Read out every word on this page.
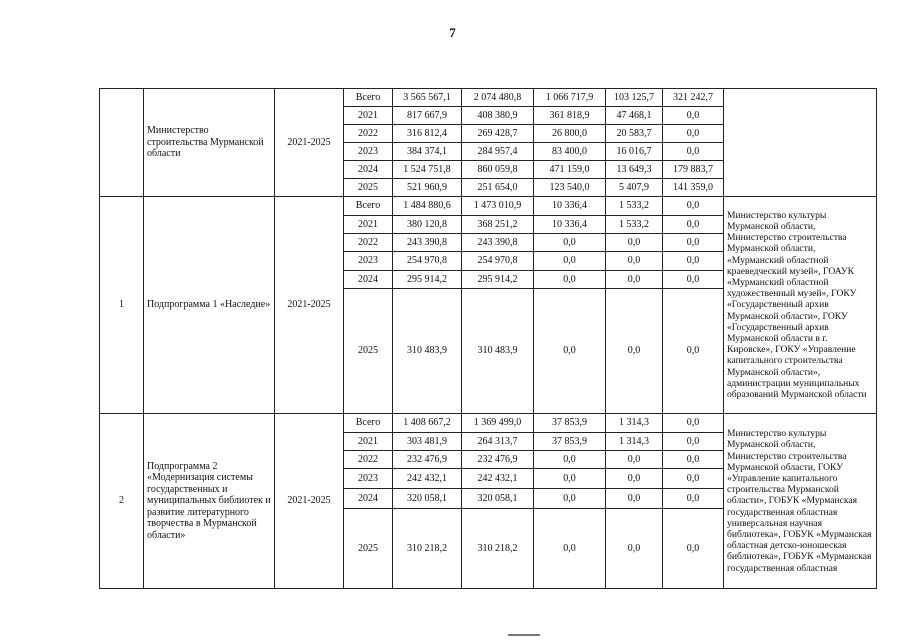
7
	Министерство строительства Мурманской области	2021-2025	Всего	3 565 567,1	2 074 480,8	1 066 717,9	103 125,7	321 242,7	
			2021	817 667,9	408 380,9	361 818,9	47 468,1	0,0	
			2022	316 812,4	269 428,7	26 800,0	20 583,7	0,0	
			2023	384 374,1	284 957,4	83 400,0	16 016,7	0,0	
			2024	1 524 751,8	860 059,8	471 159,0	13 649,3	179 883,7	
			2025	521 960,9	251 654,0	123 540,0	5 407,9	141 359,0	
1	Подпрограмма 1 «Наследие»	2021-2025	Всего	1 484 880,6	1 473 010,9	10 336,4	1 533,2	0,0	Министерство культуры Мурманской области, Министерство строительства Мурманской области, «Мурманский областной краеведческий музей», ГОАУК «Мурманский областной художественный музей», ГОКУ «Государственный архив Мурманской области», ГОКУ «Государственный архив Мурманской области в г. Кировске», ГОКУ «Управление капитального строительства Мурманской области», администрации муниципальных образований Мурманской области
			2021	380 120,8	368 251,2	10 336,4	1 533,2	0,0	
			2022	243 390,8	243 390,8	0,0	0,0	0,0	
			2023	254 970,8	254 970,8	0,0	0,0	0,0	
			2024	295 914,2	295 914,2	0,0	0,0	0,0	
			2025	310 483,9	310 483,9	0,0	0,0	0,0	
2	Подпрограмма 2 «Модернизация системы государственных и муниципальных библиотек и развитие литературного творчества в Мурманской области»	2021-2025	Всего	1 408 667,2	1 369 499,0	37 853,9	1 314,3	0,0	Министерство культуры Мурманской области, Министерство строительства Мурманской области, ГОКУ «Управление капитального строительства Мурманской области», ГОБУК «Мурманская государственная областная универсальная научная библиотека», ГОБУК «Мурманская областная детско-юношеская библиотека», ГОБУК «Мурманская государственная областная
			2021	303 481,9	264 313,7	37 853,9	1 314,3	0,0	
			2022	232 476,9	232 476,9	0,0	0,0	0,0	
			2023	242 432,1	242 432,1	0,0	0,0	0,0	
			2024	320 058,1	320 058,1	0,0	0,0	0,0	
			2025	310 218,2	310 218,2	0,0	0,0	0,0	
